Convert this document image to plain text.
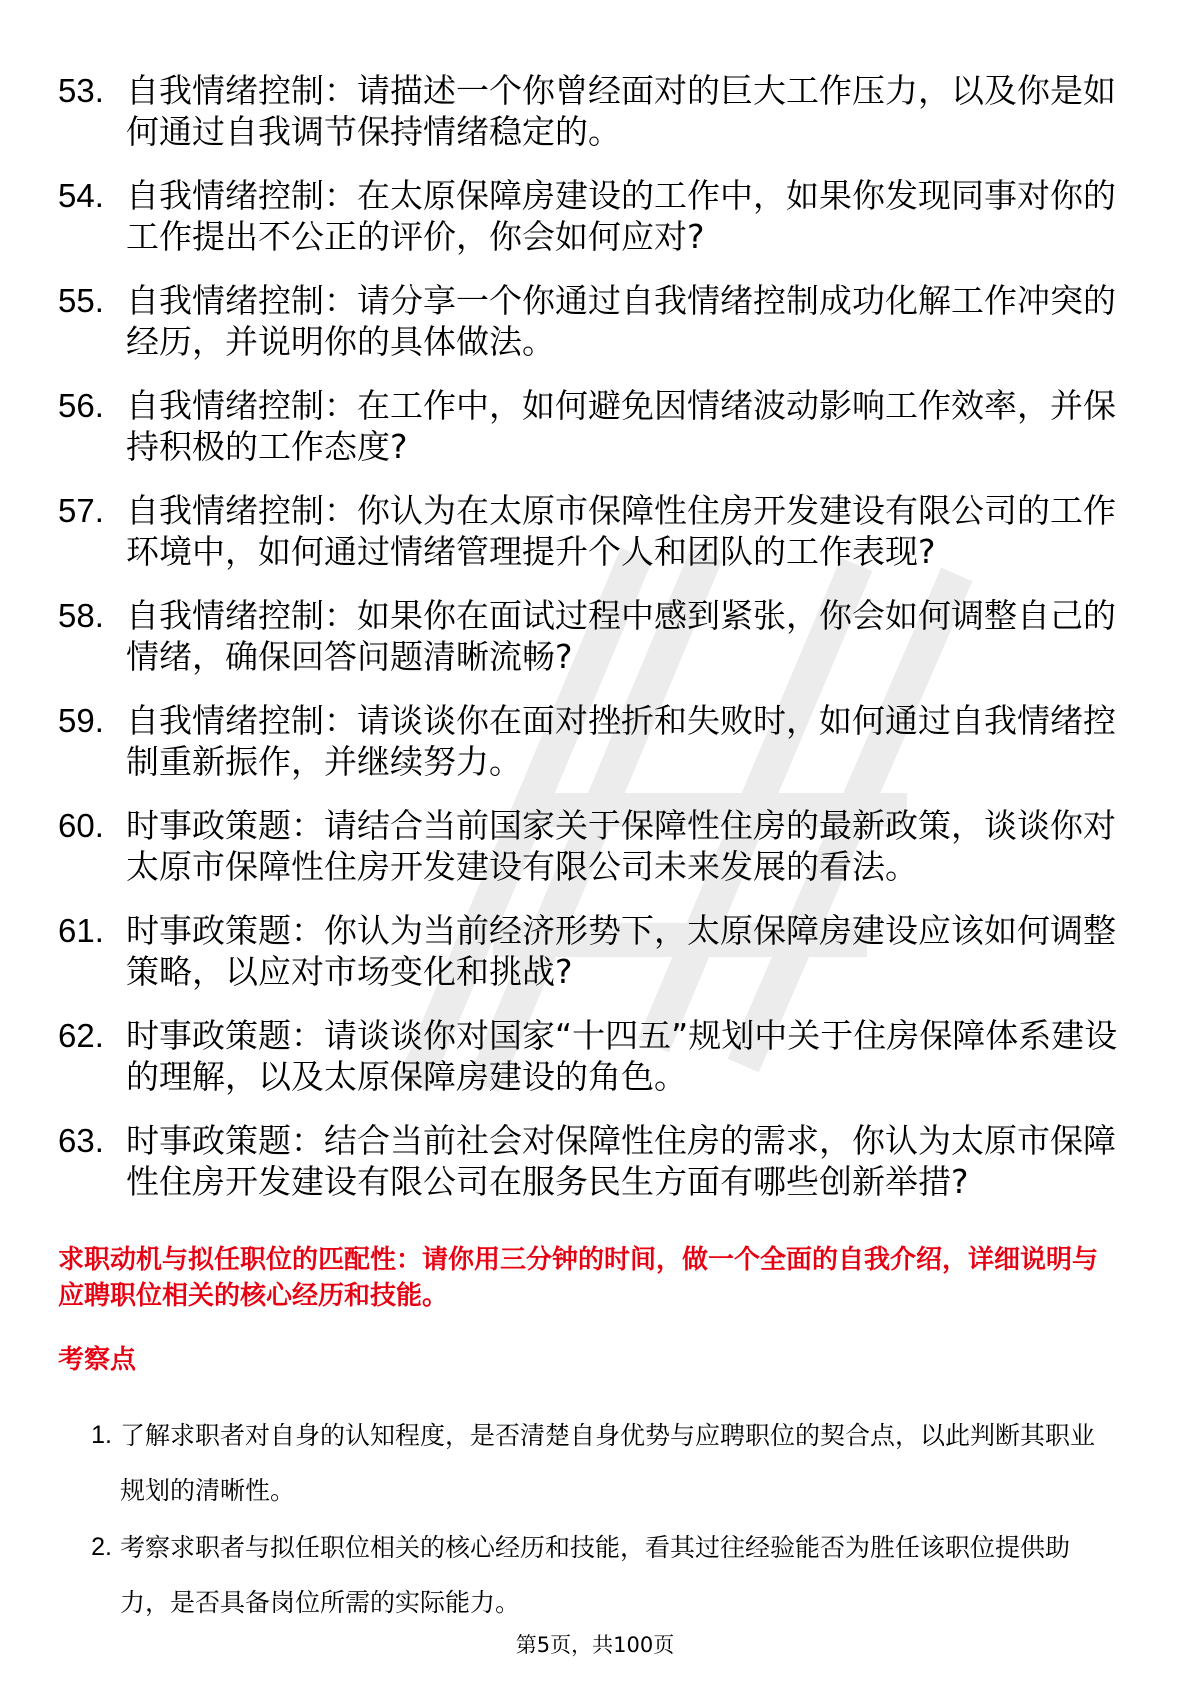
53. 自我情绪控制：请描述一个你曾经面对的巨大工作压力，以及你是如何通过自我调节保持情绪稳定的。
54. 自我情绪控制：在太原保障房建设的工作中，如果你发现同事对你的工作提出不公正的评价，你会如何应对?
55. 自我情绪控制：请分享一个你通过自我情绪控制成功化解工作冲突的经历，并说明你的具体做法。
56. 自我情绪控制：在工作中，如何避免因情绪波动影响工作效率，并保持积极的工作态度?
57. 自我情绪控制：你认为在太原市保障性住房开发建设有限公司的工作环境中，如何通过情绪管理提升个人和团队的工作表现?
58. 自我情绪控制：如果你在面试过程中感到紧张，你会如何调整自己的情绪，确保回答问题清晰流畅?
59. 自我情绪控制：请谈谈你在面对挫折和失败时，如何通过自我情绪控制重新振作，并继续努力。
60. 时事政策题：请结合当前国家关于保障性住房的最新政策，谈谈你对太原市保障性住房开发建设有限公司未来发展的看法。
61. 时事政策题：你认为当前经济形势下，太原保障房建设应该如何调整策略，以应对市场变化和挑战?
62. 时事政策题：请谈谈你对国家“十四五”规划中关于住房保障体系建设的理解，以及太原保障房建设的角色。
63. 时事政策题：结合当前社会对保障性住房的需求，你认为太原市保障性住房开发建设有限公司在服务民生方面有哪些创新举措?
求职动机与拟任职位的匹配性：请你用三分钟的时间，做一个全面的自我介绍，详细说明与应聘职位相关的核心经历和技能。
考察点
1. 了解求职者对自身的认知程度，是否清楚自身优势与应聘职位的契合点，以此判断其职业规划的清晰性。
2. 考察求职者与拟任职位相关的核心经历和技能，看其过往经验能否为胜任该职位提供助力，是否具备岗位所需的实际能力。
第5页，共100页
